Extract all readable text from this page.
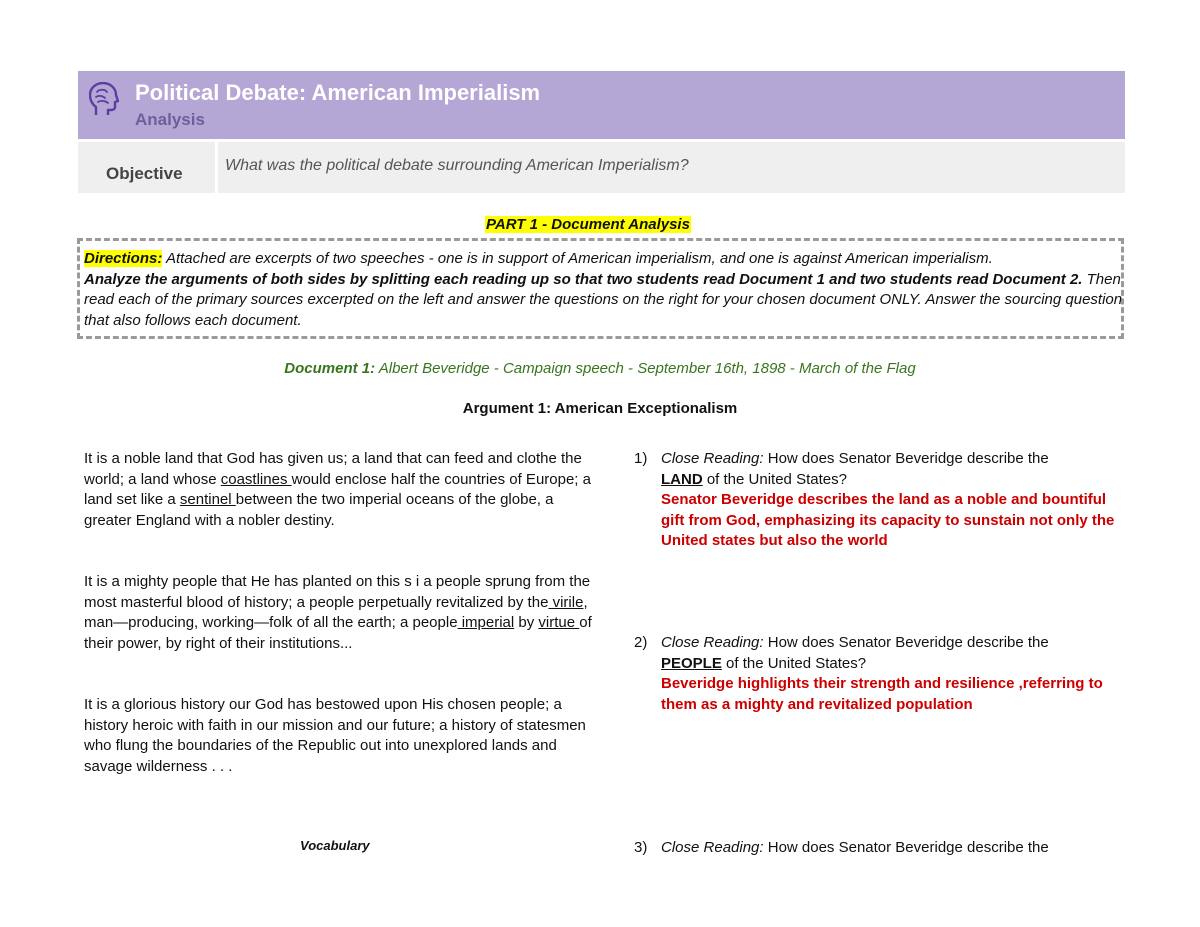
Political Debate: American Imperialism
Analysis
Objective	What was the political debate surrounding American Imperialism?
PART 1 - Document Analysis
Directions: Attached are excerpts of two speeches - one is in support of American imperialism, and one is against American imperialism.
Analyze the arguments of both sides by splitting each reading up so that two students read Document 1 and two students read Document 2. Then read each of the primary sources excerpted on the left and answer the questions on the right for your chosen document ONLY. Answer the sourcing question that also follows each document.
Document 1: Albert Beveridge - Campaign speech - September 16th, 1898 - March of the Flag
Argument 1: American Exceptionalism
It is a noble land that God has given us; a land that can feed and clothe the world; a land whose coastlines would enclose half the countries of Europe; a land set like a sentinel between the two imperial oceans of the globe, a greater England with a nobler destiny.
It is a mighty people that He has planted on this s i a people sprung from the most masterful blood of history; a people perpetually revitalized by the virile, man—producing, working—folk of all the earth; a people imperial by virtue of their power, by right of their institutions...
It is a glorious history our God has bestowed upon His chosen people; a history heroic with faith in our mission and our future; a history of statesmen who flung the boundaries of the Republic out into unexplored lands and savage wilderness . . .
Vocabulary
1) Close Reading: How does Senator Beveridge describe the
LAND of the United States?
Senator Beveridge describes the land as a noble and bountiful gift from God, emphasizing its capacity to sunstain not only the United states but also the world
2) Close Reading: How does Senator Beveridge describe the
PEOPLE of the United States?
Beveridge highlights their strength and resilience ,referring to them as a mighty and revitalized population
3) Close Reading: How does Senator Beveridge describe the
